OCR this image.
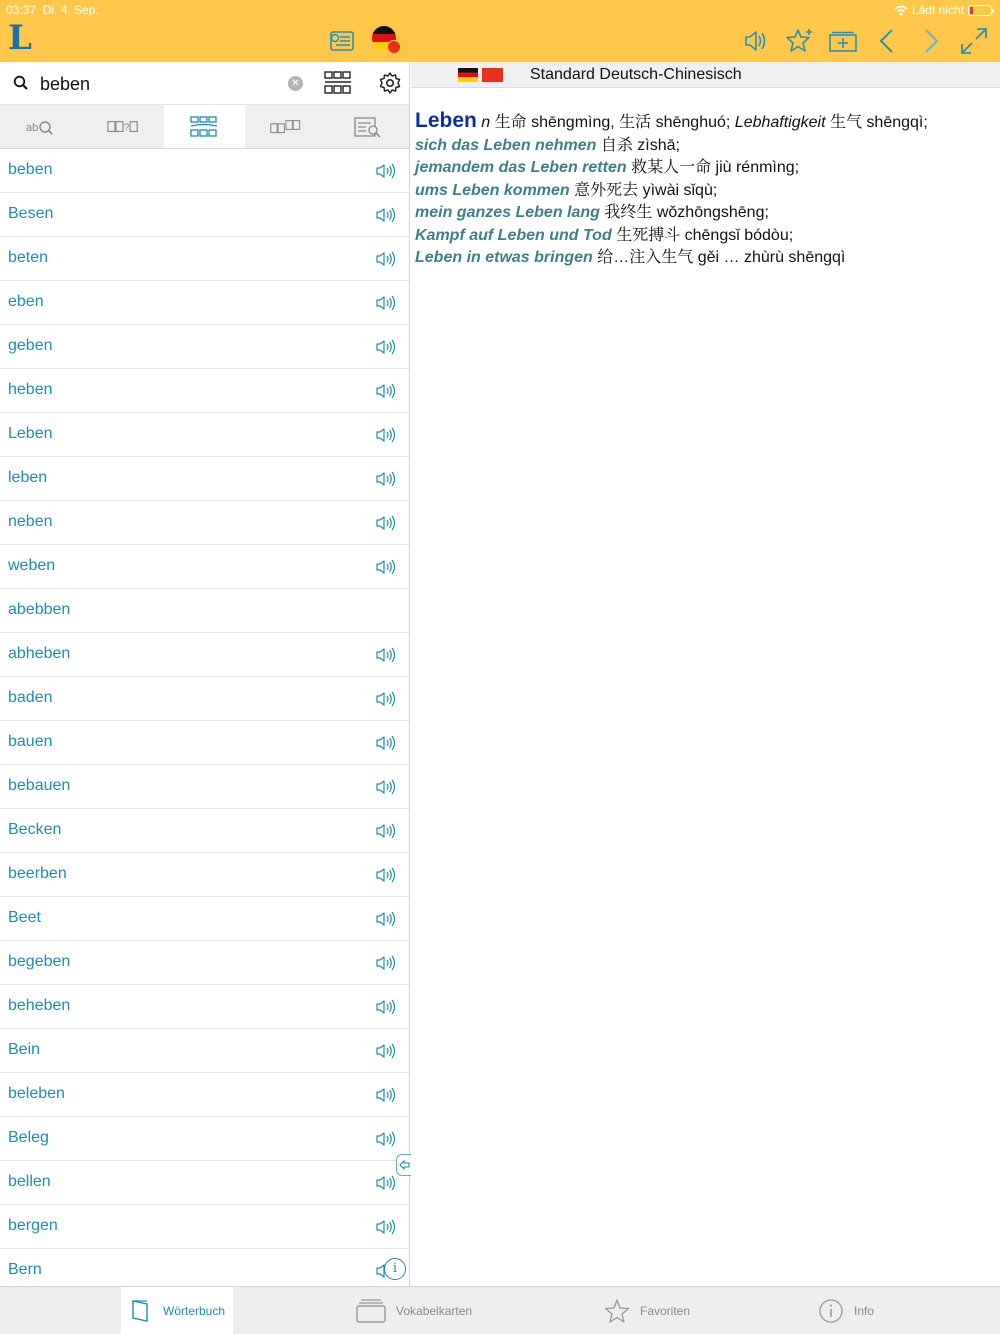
03:37 Di. 4. Sep.	Lädt nicht
L
beben
✕
ab	?
beben
Besen
beten
eben
geben
heben
Leben
leben
neben
weben
abebben
abheben
baden
bauen
bebauen
Becken
beerben
Beet
begeben
beheben
Bein
beleben
Beleg
bellen
bergen
Bern	i
Standard Deutsch-Chinesisch
Leben n 生命 shēngmìng, 生活 shēnghuó; Lebhaftigkeit 生气 shēngqì;
sich das Leben nehmen 自杀 zìshā;
jemandem das Leben retten 救某人一命 jiù rénmìng;
ums Leben kommen 意外死去 yìwài sǐqù;
mein ganzes Leben lang 我终生 wǒzhōngshēng;
Kampf auf Leben und Tod 生死搏斗 chēngsǐ bódòu;
Leben in etwas bringen 给…注入生气 gěi … zhùrù shēngqì
Wörterbuch	Vokabelkarten	Favoriten	Info
